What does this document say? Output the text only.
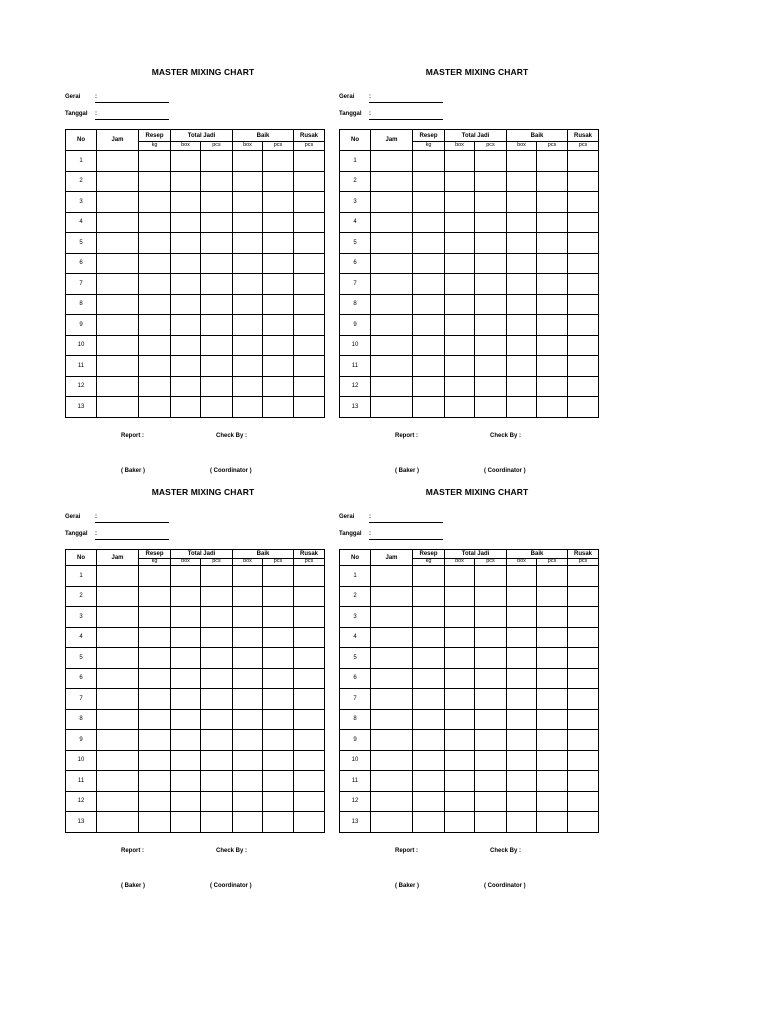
MASTER MIXING CHART
Gerai :
Tanggal :
No	Jam	Resep	Total Jadi		Baik		Rusak
		kg	box	pcs	box	pcs	pcs
1							
2							
3							
4							
5							
6							
7							
8							
9							
10							
11							
12							
13							
Report :	Check By :
( Baker )	( Coordinator )
MASTER MIXING CHART
Gerai :
Tanggal :
No	Jam	Resep	Total Jadi		Baik		Rusak
		kg	box	pcs	box	pcs	pcs
1							
2							
3							
4							
5							
6							
7							
8							
9							
10							
11							
12							
13							
Report :	Check By :
( Baker )	( Coordinator )
MASTER MIXING CHART
Gerai :
Tanggal :
No	Jam	Resep	Total Jadi		Baik		Rusak
		kg	box	pcs	box	pcs	pcs
1							
2							
3							
4							
5							
6							
7							
8							
9							
10							
11							
12							
13							
Report :	Check By :
( Baker )	( Coordinator )
MASTER MIXING CHART
Gerai :
Tanggal :
No	Jam	Resep	Total Jadi		Baik		Rusak
		kg	box	pcs	box	pcs	pcs
1							
2							
3							
4							
5							
6							
7							
8							
9							
10							
11							
12							
13							
Report :	Check By :
( Baker )	( Coordinator )
